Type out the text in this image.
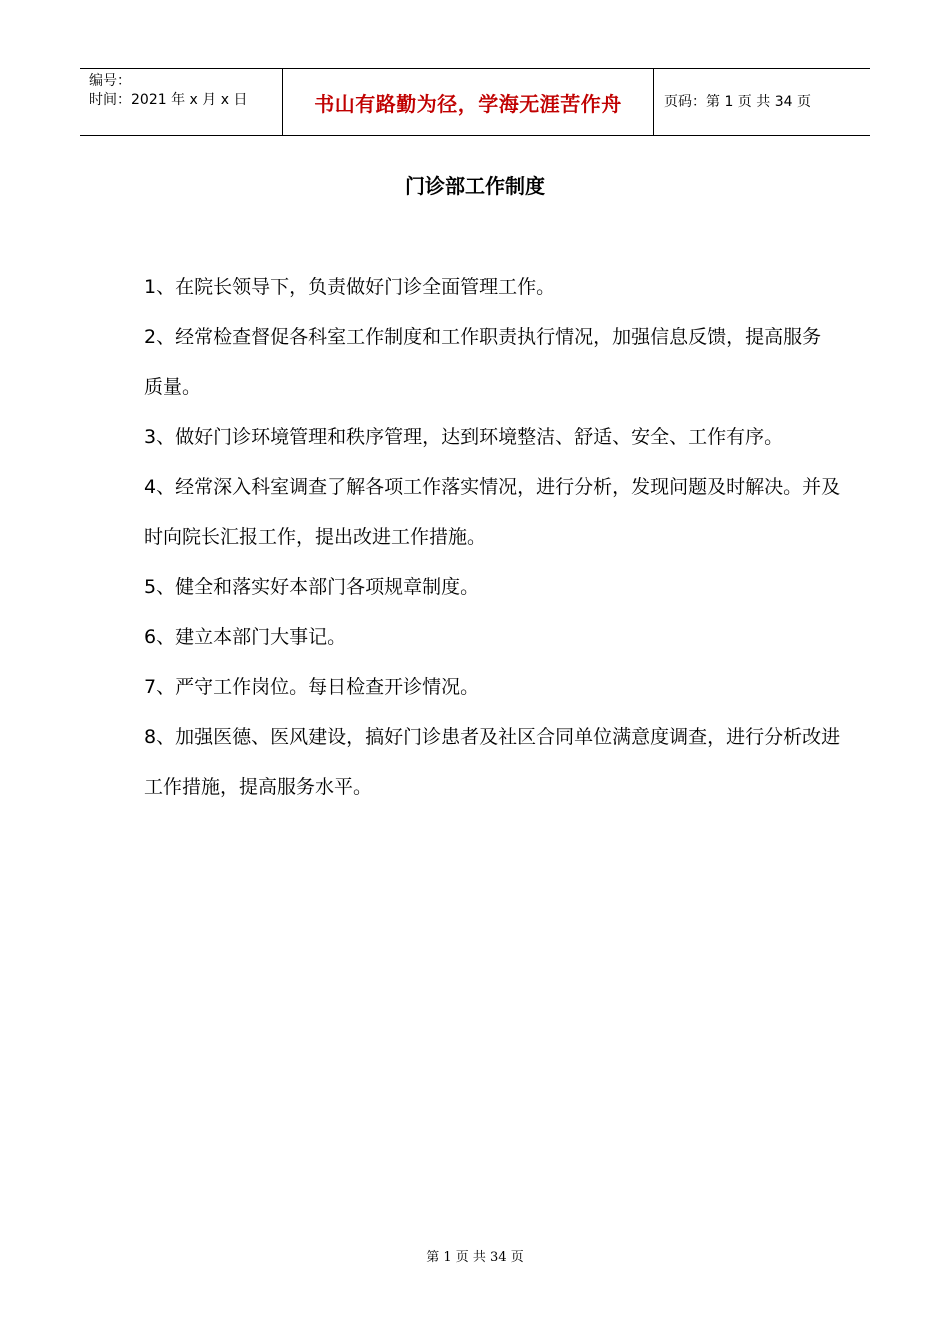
编号：
时间：2021 年 x 月 x 日	书山有路勤为径，学海无涯苦作舟	页码：第 1 页 共 34 页
门诊部工作制度

1、在院长领导下，负责做好门诊全面管理工作。

2、经常检查督促各科室工作制度和工作职责执行情况，加强信息反馈，提高服务 质量。

3、做好门诊环境管理和秩序管理，达到环境整洁、舒适、安全、工作有序。

4、经常深入科室调查了解各项工作落实情况，进行分析，发现问题及时解决。并及时向院长汇报工作，提出改进工作措施。

5、健全和落实好本部门各项规章制度。

6、建立本部门大事记。

7、严守工作岗位。每日检查开诊情况。

8、加强医德、医风建设，搞好门诊患者及社区合同单位满意度调查，进行分析改进工作措施，提高服务水平。

第 1 页 共 34 页
